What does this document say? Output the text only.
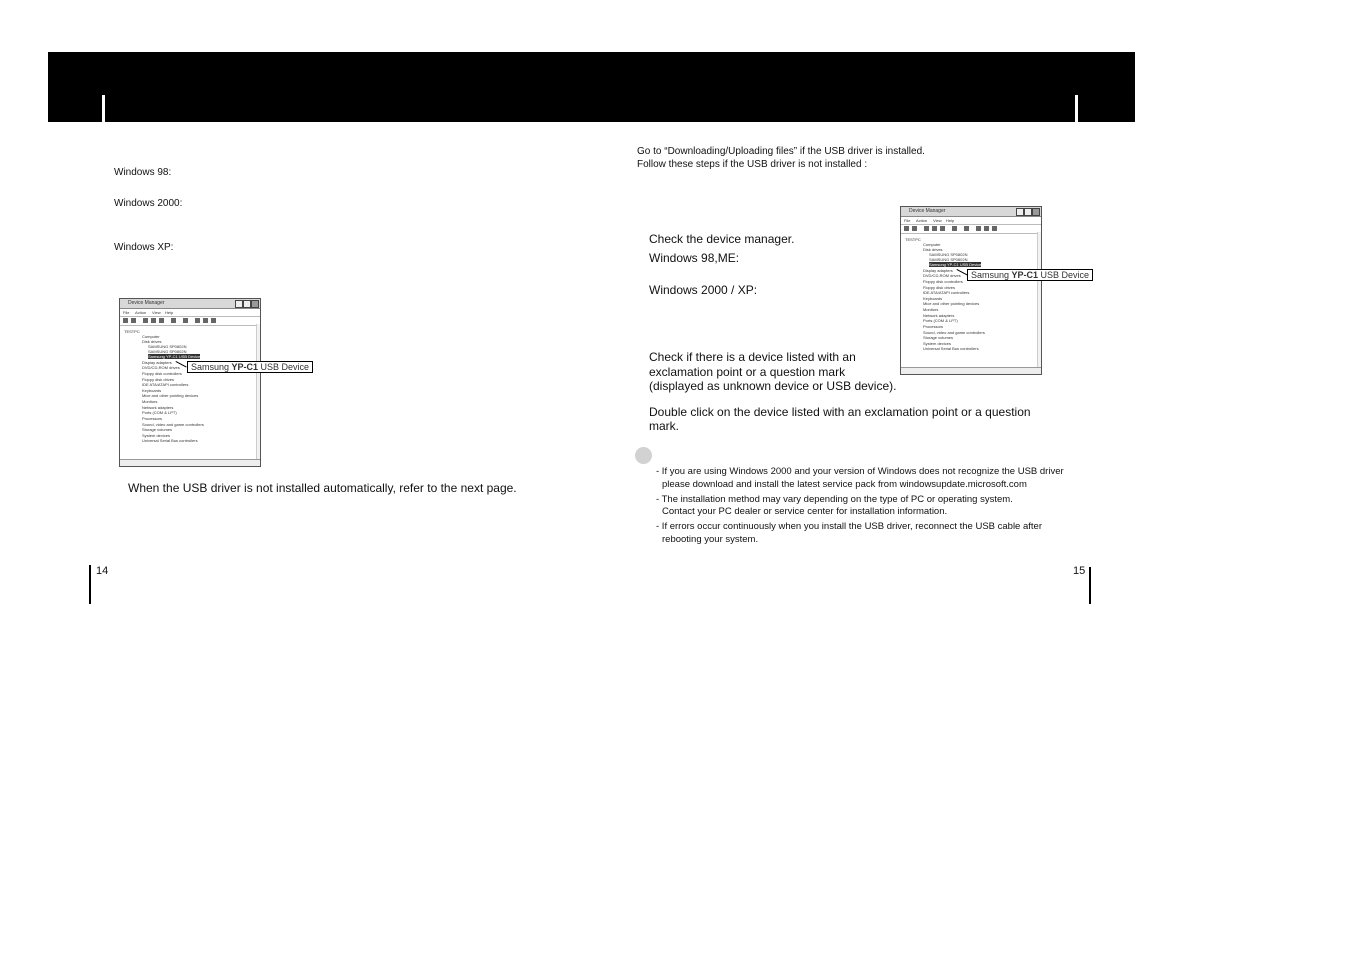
Windows 98:
Windows 2000:
Windows XP:
Device Manager
File Action View Help
TESTPC
Computer
Disk drives
SAMSUNG SP0802N
SAMSUNG SP0802N
Samsung YP-C1 USB Device
Display adapters
DVD/CD-ROM drives
Floppy disk controllers
Floppy disk drives
IDE ATA/ATAPI controllers
Keyboards
Mice and other pointing devices
Monitors
Network adapters
Ports (COM & LPT)
Processors
Sound, video and game controllers
Storage volumes
System devices
Universal Serial Bus controllers
Samsung YP-C1 USB Device
When the USB driver is not installed automatically, refer to the next page.
14
Go to “Downloading/Uploading files” if the USB driver is installed.
Follow these steps if the USB driver is not installed :
Check the device manager.
Windows 98,ME:
Windows 2000 / XP:
Check if there is a device listed with an
exclamation point or a question mark
(displayed as unknown device or USB device).
Double click on the device listed with an exclamation point or a question
mark.
Device Manager
File Action View Help
TESTPC
Computer
Disk drives
SAMSUNG SP0802N
SAMSUNG SP0802N
Samsung YP-C1 USB Device
Display adapters
DVD/CD-ROM drives
Floppy disk controllers
Floppy disk drives
IDE ATA/ATAPI controllers
Keyboards
Mice and other pointing devices
Monitors
Network adapters
Ports (COM & LPT)
Processors
Sound, video and game controllers
Storage volumes
System devices
Universal Serial Bus controllers
Samsung YP-C1 USB Device
- If you are using Windows 2000 and your version of Windows does not recognize the USB driver
please download and install the latest service pack from windowsupdate.microsoft.com
- The installation method may vary depending on the type of PC or operating system.
Contact your PC dealer or service center for installation information.
- If errors occur continuously when you install the USB driver, reconnect the USB cable after
rebooting your system.
15
